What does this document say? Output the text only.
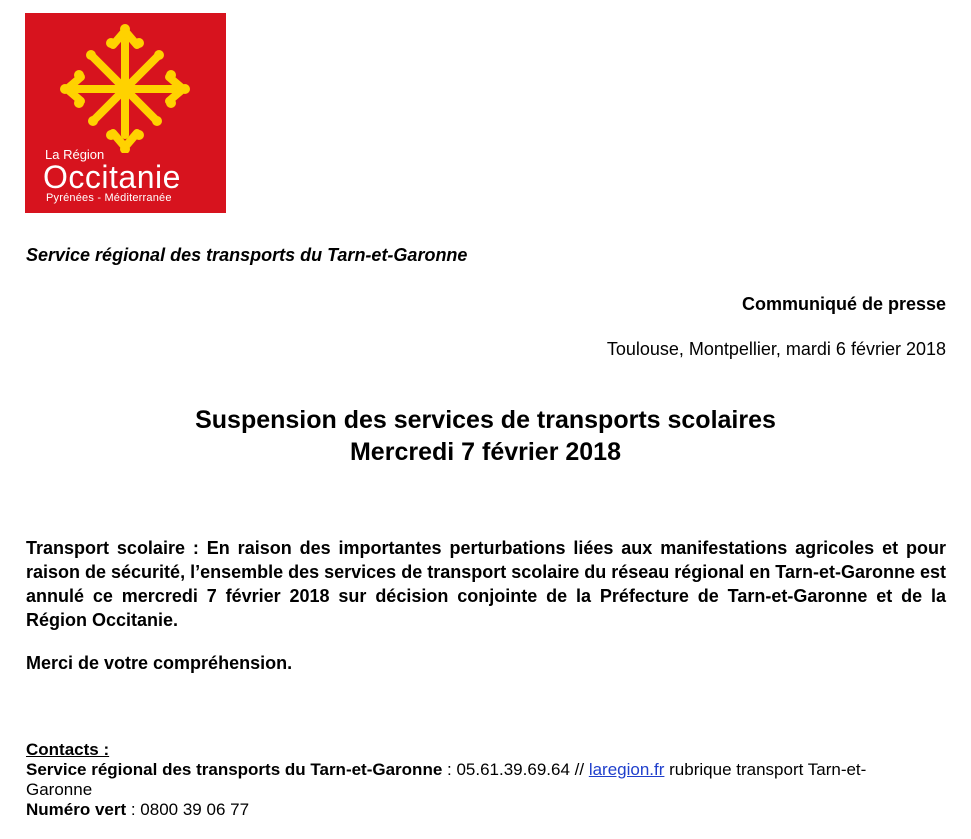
La Région
Occitanie
Pyrénées - Méditerranée
Service régional des transports du Tarn-et-Garonne
Communiqué de presse
Toulouse, Montpellier, mardi 6 février 2018
Suspension des services de transports scolaires
Mercredi 7 février 2018

Transport scolaire : En raison des importantes perturbations liées aux manifestations agricoles et pour raison de sécurité, l’ensemble des services de transport scolaire du réseau régional en Tarn-et-Garonne est annulé ce mercredi 7 février 2018 sur décision conjointe de la Préfecture de Tarn-et-Garonne et de la Région Occitanie.

Merci de votre compréhension.

Contacts :
Service régional des transports du Tarn-et-Garonne : 05.61.39.69.64 // laregion.fr rubrique transport Tarn-et-Garonne
Numéro vert : 0800 39 06 77
